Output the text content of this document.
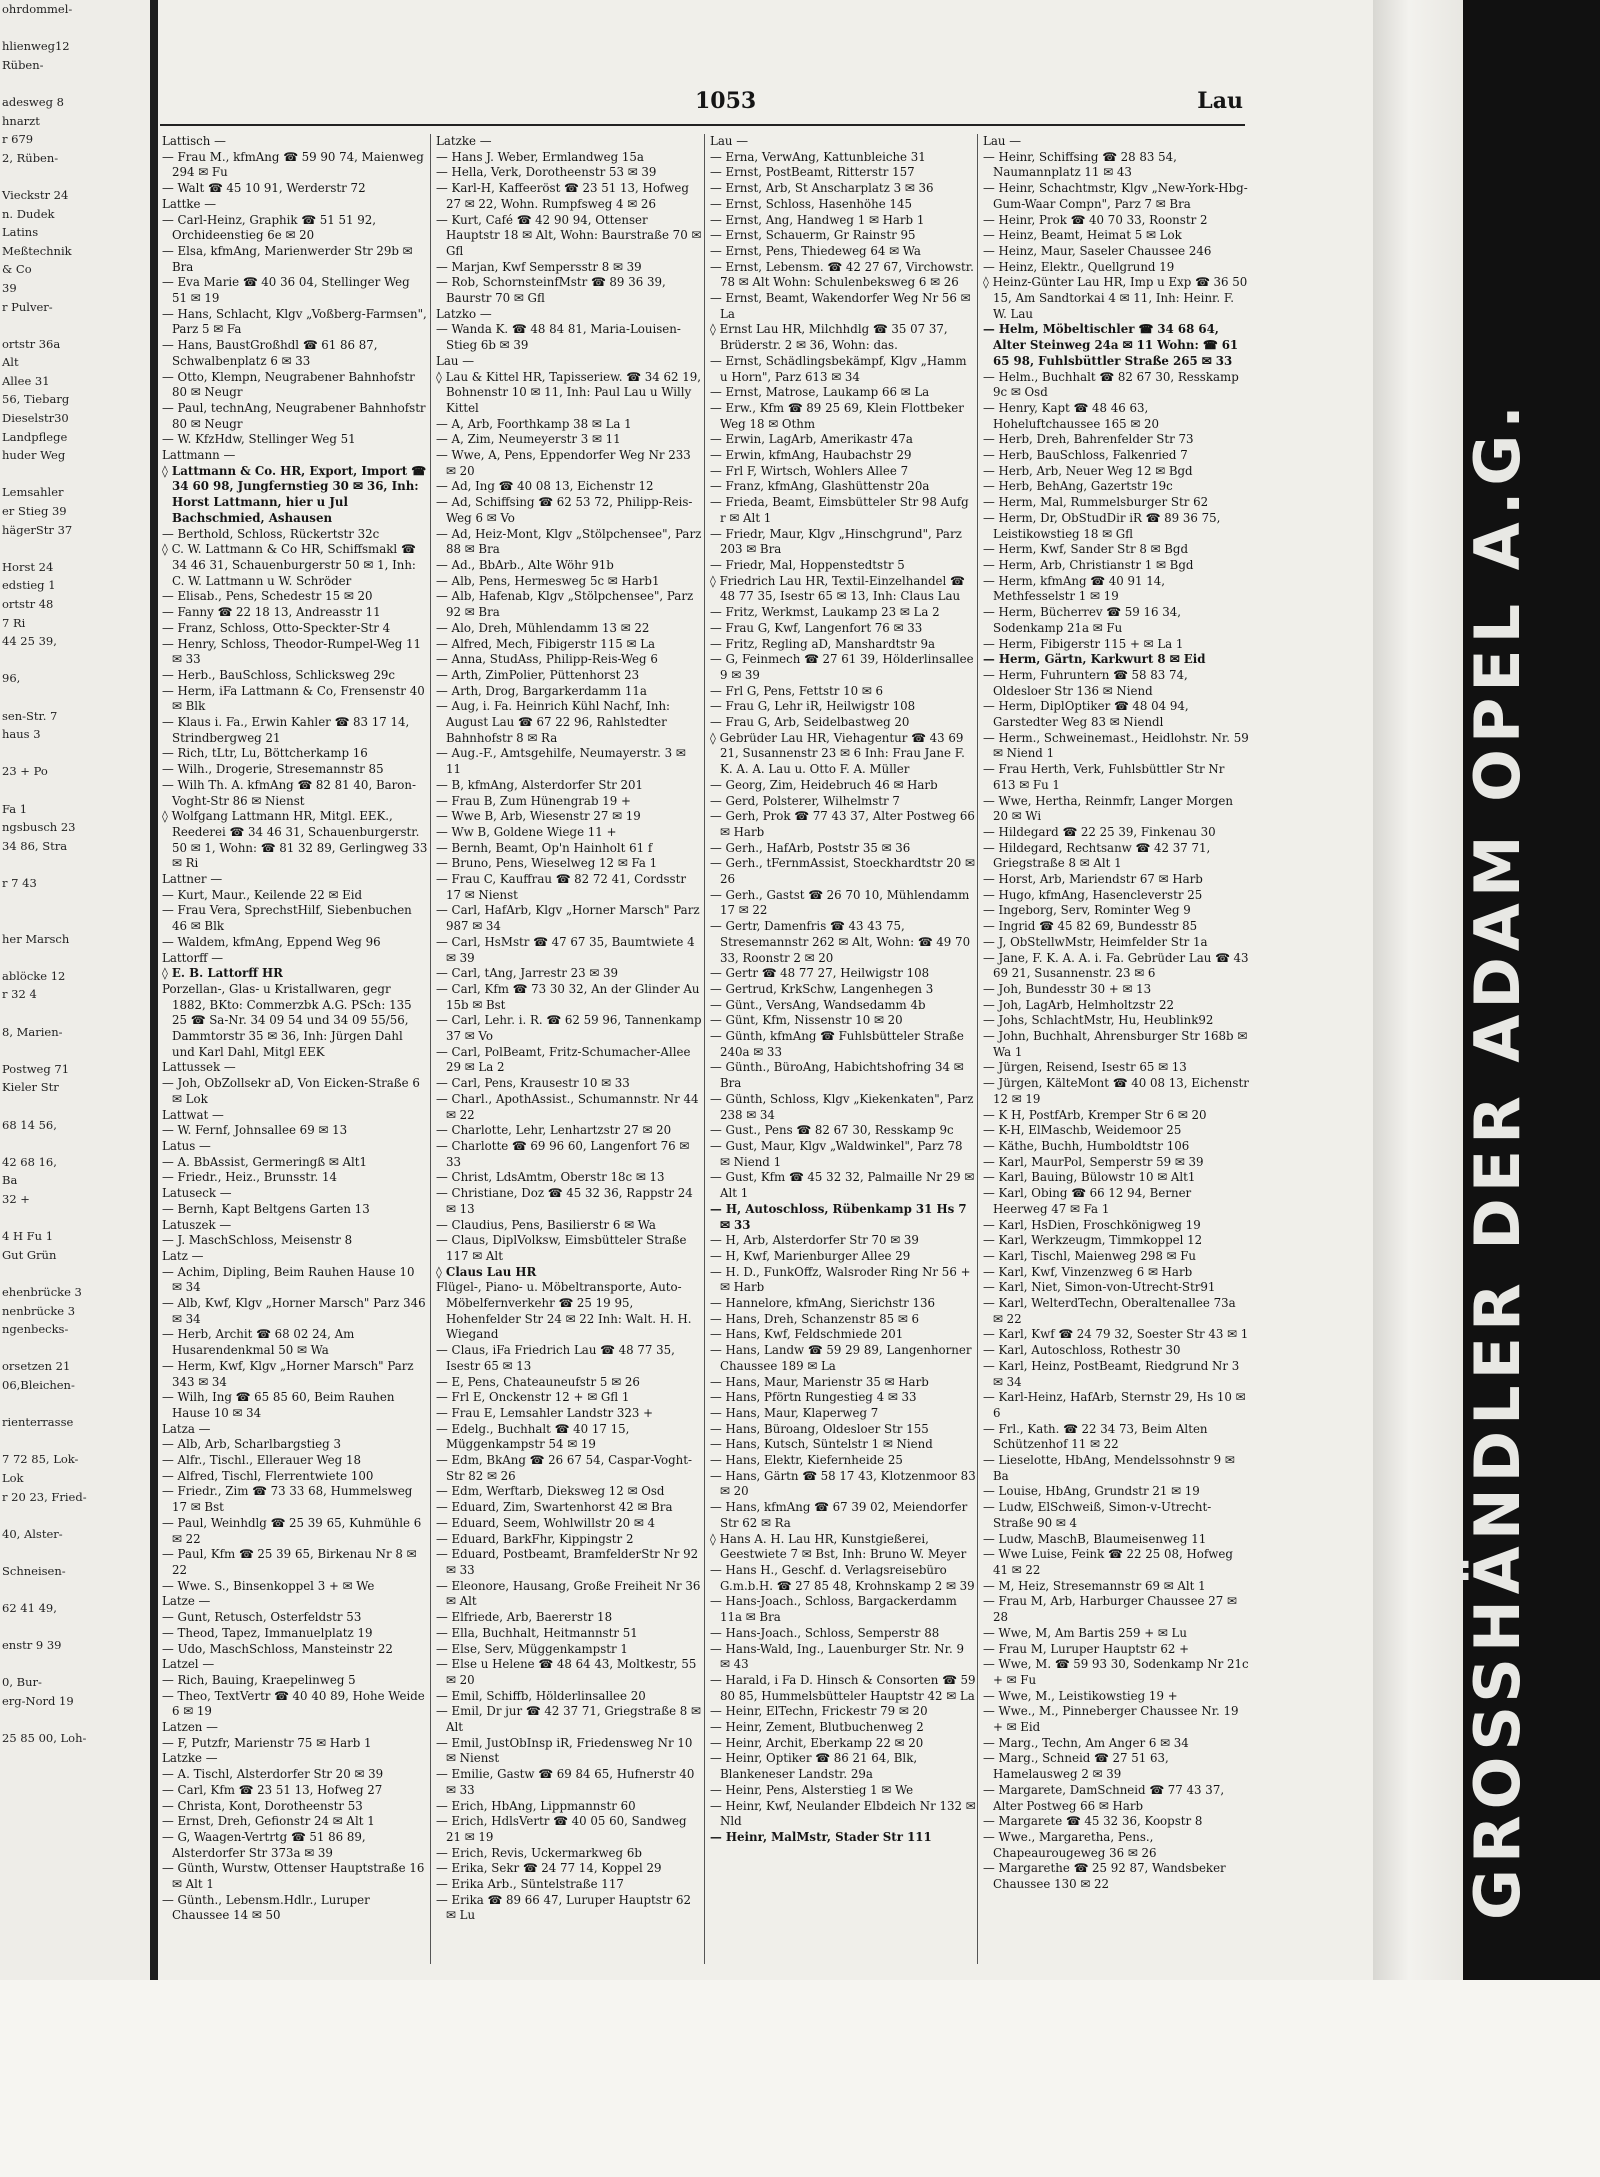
ohrdommel-

hlienweg12
Rüben-

adesweg 8
hnarzt
r 679
2, Rüben-

Vieckstr 24
n. Dudek
Latins
Meßtechnik
& Co
39
r Pulver-

ortstr 36a
Alt
Allee 31
56, Tiebarg
Dieselstr30
Landpflege
huder Weg

Lemsahler
er Stieg 39
hägerStr 37

Horst 24
edstieg 1
ortstr 48
7 Ri
44 25 39,

96,

sen-Str. 7
haus 3

23 + Po

Fa 1
ngsbusch 23
34 86, Stra

r 7 43

her Marsch

ablöcke 12
r 32 4

8, Marien-

Postweg 71
Kieler Str

68 14 56,

42 68 16,
Ba
32 +

4 H Fu 1
Gut Grün

ehenbrücke 3
nenbrücke 3
ngenbecks-

orsetzen 21
06,Bleichen-

rienterrasse

7 72 85, Lok-
Lok
r 20 23, Fried-

40, Alster-

Schneisen-

62 41 49,

enstr 9 39

0, Bur-
erg-Nord 19

25 85 00, Loh-
1053	Lau

Lattisch —

— Frau M., kfmAng ☎ 59 90 74, Maienweg 294 ✉ Fu

— Walt ☎ 45 10 91, Werderstr 72

Lattke —

— Carl-Heinz, Graphik ☎ 51 51 92, Orchideenstieg 6e ✉ 20

— Elsa, kfmAng, Marienwerder Str 29b ✉ Bra

— Eva Marie ☎ 40 36 04, Stellinger Weg 51 ✉ 19

— Hans, Schlacht, Klgv „Voßberg-Farmsen", Parz 5 ✉ Fa

— Hans, BaustGroßhdl ☎ 61 86 87, Schwalbenplatz 6 ✉ 33

— Otto, Klempn, Neugrabener Bahnhofstr 80 ✉ Neugr

— Paul, technAng, Neugrabener Bahnhofstr 80 ✉ Neugr

— W. KfzHdw, Stellinger Weg 51

Lattmann —

◊ Lattmann & Co. HR, Export, Import ☎ 34 60 98, Jungfernstieg 30 ✉ 36, Inh: Horst Lattmann, hier u Jul Bachschmied, Ashausen

— Berthold, Schloss, Rückertstr 32c

◊ C. W. Lattmann & Co HR, Schiffsmakl ☎ 34 46 31, Schauenburgerstr 50 ✉ 1, Inh: C. W. Lattmann u W. Schröder

— Elisab., Pens, Schedestr 15 ✉ 20

— Fanny ☎ 22 18 13, Andreasstr 11

— Franz, Schloss, Otto-Speckter-Str 4

— Henry, Schloss, Theodor-Rumpel-Weg 11 ✉ 33

— Herb., BauSchloss, Schlicksweg 29c

— Herm, iFa Lattmann & Co, Frensenstr 40 ✉ Blk

— Klaus i. Fa., Erwin Kahler ☎ 83 17 14, Strindbergweg 21

— Rich, tLtr, Lu, Böttcherkamp 16

— Wilh., Drogerie, Stresemannstr 85

— Wilh Th. A. kfmAng ☎ 82 81 40, Baron-Voght-Str 86 ✉ Nienst

◊ Wolfgang Lattmann HR, Mitgl. EEK., Reederei ☎ 34 46 31, Schauenburgerstr. 50 ✉ 1, Wohn: ☎ 81 32 89, Gerlingweg 33 ✉ Ri

Lattner —

— Kurt, Maur., Keilende 22 ✉ Eid

— Frau Vera, SprechstHilf, Siebenbuchen 46 ✉ Blk

— Waldem, kfmAng, Eppend Weg 96

Lattorff —

◊ E. B. Lattorff HR

Porzellan-, Glas- u Kristallwaren, gegr 1882, BKto: Commerzbk A.G. PSch: 135 25 ☎ Sa-Nr. 34 09 54 und 34 09 55/56, Dammtorstr 35 ✉ 36, Inh: Jürgen Dahl und Karl Dahl, Mitgl EEK

Lattussek —

— Joh, ObZollsekr aD, Von Eicken-Straße 6 ✉ Lok

Lattwat —

— W. Fernf, Johnsallee 69 ✉ 13

Latus —

— A. BbAssist, Germeringß ✉ Alt1

— Friedr., Heiz., Brunsstr. 14

Latuseck —

— Bernh, Kapt Beltgens Garten 13

Latuszek —

— J. MaschSchloss, Meisenstr 8

Latz —

— Achim, Dipling, Beim Rauhen Hause 10 ✉ 34

— Alb, Kwf, Klgv „Horner Marsch" Parz 346 ✉ 34

— Herb, Archit ☎ 68 02 24, Am Husarendenkmal 50 ✉ Wa

— Herm, Kwf, Klgv „Horner Marsch" Parz 343 ✉ 34

— Wilh, Ing ☎ 65 85 60, Beim Rauhen Hause 10 ✉ 34

Latza —

— Alb, Arb, Scharlbargstieg 3

— Alfr., Tischl., Ellerauer Weg 18

— Alfred, Tischl, Flerrentwiete 100

— Friedr., Zim ☎ 73 33 68, Hummelsweg 17 ✉ Bst

— Paul, Weinhdlg ☎ 25 39 65, Kuhmühle 6 ✉ 22

— Paul, Kfm ☎ 25 39 65, Birkenau Nr 8 ✉ 22

— Wwe. S., Binsenkoppel 3 + ✉ We

Latze —

— Gunt, Retusch, Osterfeldstr 53

— Theod, Tapez, Immanuelplatz 19

— Udo, MaschSchloss, Mansteinstr 22

Latzel —

— Rich, Bauing, Kraepelinweg 5

— Theo, TextVertr ☎ 40 40 89, Hohe Weide 6 ✉ 19

Latzen —

— F, Putzfr, Marienstr 75 ✉ Harb 1

Latzke —

— A. Tischl, Alsterdorfer Str 20 ✉ 39

— Carl, Kfm ☎ 23 51 13, Hofweg 27

— Christa, Kont, Dorotheenstr 53

— Ernst, Dreh, Gefionstr 24 ✉ Alt 1

— G, Waagen-Vertrtg ☎ 51 86 89, Alsterdorfer Str 373a ✉ 39

— Günth, Wurstw, Ottenser Hauptstraße 16 ✉ Alt 1

— Günth., Lebensm.Hdlr., Luruper Chaussee 14 ✉ 50

Latzke —

— Hans J. Weber, Ermlandweg 15a

— Hella, Verk, Dorotheenstr 53 ✉ 39

— Karl-H, Kaffeeröst ☎ 23 51 13, Hofweg 27 ✉ 22, Wohn. Rumpfsweg 4 ✉ 26

— Kurt, Café ☎ 42 90 94, Ottenser Hauptstr 18 ✉ Alt, Wohn: Baurstraße 70 ✉ Gfl

— Marjan, Kwf Sempersstr 8 ✉ 39

— Rob, SchornsteinfMstr ☎ 89 36 39, Baurstr 70 ✉ Gfl

Latzko —

— Wanda K. ☎ 48 84 81, Maria-Louisen-Stieg 6b ✉ 39

Lau —

◊ Lau & Kittel HR, Tapisseriew. ☎ 34 62 19, Bohnenstr 10 ✉ 11, Inh: Paul Lau u Willy Kittel

— A, Arb, Foorthkamp 38 ✉ La 1

— A, Zim, Neumeyerstr 3 ✉ 11

— Wwe, A, Pens, Eppendorfer Weg Nr 233 ✉ 20

— Ad, Ing ☎ 40 08 13, Eichenstr 12

— Ad, Schiffsing ☎ 62 53 72, Philipp-Reis-Weg 6 ✉ Vo

— Ad, Heiz-Mont, Klgv „Stölpchensee", Parz 88 ✉ Bra

— Ad., BbArb., Alte Wöhr 91b

— Alb, Pens, Hermesweg 5c ✉ Harb1

— Alb, Hafenab, Klgv „Stölpchensee", Parz 92 ✉ Bra

— Alo, Dreh, Mühlendamm 13 ✉ 22

— Alfred, Mech, Fibigerstr 115 ✉ La

— Anna, StudAss, Philipp-Reis-Weg 6

— Arth, ZimPolier, Püttenhorst 23

— Arth, Drog, Bargarkerdamm 11a

— Aug, i. Fa. Heinrich Kühl Nachf, Inh: August Lau ☎ 67 22 96, Rahlstedter Bahnhofstr 8 ✉ Ra

— Aug.-F., Amtsgehilfe, Neumayerstr. 3 ✉ 11

— B, kfmAng, Alsterdorfer Str 201

— Frau B, Zum Hünengrab 19 +

— Wwe B, Arb, Wiesenstr 27 ✉ 19

— Ww B, Goldene Wiege 11 +

— Bernh, Beamt, Op'n Hainholt 61 f

— Bruno, Pens, Wieselweg 12 ✉ Fa 1

— Frau C, Kauffrau ☎ 82 72 41, Cordsstr 17 ✉ Nienst

— Carl, HafArb, Klgv „Horner Marsch" Parz 987 ✉ 34

— Carl, HsMstr ☎ 47 67 35, Baumtwiete 4 ✉ 39

— Carl, tAng, Jarrestr 23 ✉ 39

— Carl, Kfm ☎ 73 30 32, An der Glinder Au 15b ✉ Bst

— Carl, Lehr. i. R. ☎ 62 59 96, Tannenkamp 37 ✉ Vo

— Carl, PolBeamt, Fritz-Schumacher-Allee 29 ✉ La 2

— Carl, Pens, Krausestr 10 ✉ 33

— Charl., ApothAssist., Schumannstr. Nr 44 ✉ 22

— Charlotte, Lehr, Lenhartzstr 27 ✉ 20

— Charlotte ☎ 69 96 60, Langenfort 76 ✉ 33

— Christ, LdsAmtm, Oberstr 18c ✉ 13

— Christiane, Doz ☎ 45 32 36, Rappstr 24 ✉ 13

— Claudius, Pens, Basilierstr 6 ✉ Wa

— Claus, DiplVolksw, Eimsbütteler Straße 117 ✉ Alt

◊ Claus Lau HR

Flügel-, Piano- u. Möbeltransporte, Auto-Möbelfernverkehr ☎ 25 19 95, Hohenfelder Str 24 ✉ 22 Inh: Walt. H. H. Wiegand

— Claus, iFa Friedrich Lau ☎ 48 77 35, Isestr 65 ✉ 13

— E, Pens, Chateauneufstr 5 ✉ 26

— Frl E, Onckenstr 12 + ✉ Gfl 1

— Frau E, Lemsahler Landstr 323 +

— Edelg., Buchhalt ☎ 40 17 15, Müggenkampstr 54 ✉ 19

— Edm, BkAng ☎ 26 67 54, Caspar-Voght-Str 82 ✉ 26

— Edm, Werftarb, Dieksweg 12 ✉ Osd

— Eduard, Zim, Swartenhorst 42 ✉ Bra

— Eduard, Seem, Wohlwillstr 20 ✉ 4

— Eduard, BarkFhr, Kippingstr 2

— Eduard, Postbeamt, BramfelderStr Nr 92 ✉ 33

— Eleonore, Hausang, Große Freiheit Nr 36 ✉ Alt

— Elfriede, Arb, Baererstr 18

— Ella, Buchhalt, Heitmannstr 51

— Else, Serv, Müggenkampstr 1

— Else u Helene ☎ 48 64 43, Moltkestr, 55 ✉ 20

— Emil, Schiffb, Hölderlinsallee 20

— Emil, Dr jur ☎ 42 37 71, Griegstraße 8 ✉ Alt

— Emil, JustObInsp iR, Friedensweg Nr 10 ✉ Nienst

— Emilie, Gastw ☎ 69 84 65, Hufnerstr 40 ✉ 33

— Erich, HbAng, Lippmannstr 60

— Erich, HdlsVertr ☎ 40 05 60, Sandweg 21 ✉ 19

— Erich, Revis, Uckermarkweg 6b

— Erika, Sekr ☎ 24 77 14, Koppel 29

— Erika Arb., Süntelstraße 117

— Erika ☎ 89 66 47, Luruper Hauptstr 62 ✉ Lu

Lau —

— Erna, VerwAng, Kattunbleiche 31

— Ernst, PostBeamt, Ritterstr 157

— Ernst, Arb, St Anscharplatz 3 ✉ 36

— Ernst, Schloss, Hasenhöhe 145

— Ernst, Ang, Handweg 1 ✉ Harb 1

— Ernst, Schauerm, Gr Rainstr 95

— Ernst, Pens, Thiedeweg 64 ✉ Wa

— Ernst, Lebensm. ☎ 42 27 67, Virchowstr. 78 ✉ Alt Wohn: Schulenbeksweg 6 ✉ 26

— Ernst, Beamt, Wakendorfer Weg Nr 56 ✉ La

◊ Ernst Lau HR, Milchhdlg ☎ 35 07 37, Brüderstr. 2 ✉ 36, Wohn: das.

— Ernst, Schädlingsbekämpf, Klgv „Hamm u Horn", Parz 613 ✉ 34

— Ernst, Matrose, Laukamp 66 ✉ La

— Erw., Kfm ☎ 89 25 69, Klein Flottbeker Weg 18 ✉ Othm

— Erwin, LagArb, Amerikastr 47a

— Erwin, kfmAng, Haubachstr 29

— Frl F, Wirtsch, Wohlers Allee 7

— Franz, kfmAng, Glashüttenstr 20a

— Frieda, Beamt, Eimsbütteler Str 98 Aufg r ✉ Alt 1

— Friedr, Maur, Klgv „Hinschgrund", Parz 203 ✉ Bra

— Friedr, Mal, Hoppenstedtstr 5

◊ Friedrich Lau HR, Textil-Einzelhandel ☎ 48 77 35, Isestr 65 ✉ 13, Inh: Claus Lau

— Fritz, Werkmst, Laukamp 23 ✉ La 2

— Frau G, Kwf, Langenfort 76 ✉ 33

— Fritz, Regling aD, Manshardtstr 9a

— G, Feinmech ☎ 27 61 39, Hölderlinsallee 9 ✉ 39

— Frl G, Pens, Fettstr 10 ✉ 6

— Frau G, Lehr iR, Heilwigstr 108

— Frau G, Arb, Seidelbastweg 20

◊ Gebrüder Lau HR, Viehagentur ☎ 43 69 21, Susannenstr 23 ✉ 6 Inh: Frau Jane F. K. A. A. Lau u. Otto F. A. Müller

— Georg, Zim, Heidebruch 46 ✉ Harb

— Gerd, Polsterer, Wilhelmstr 7

— Gerh, Prok ☎ 77 43 37, Alter Postweg 66 ✉ Harb

— Gerh., HafArb, Poststr 35 ✉ 36

— Gerh., tFernmAssist, Stoeckhardtstr 20 ✉ 26

— Gerh., Gastst ☎ 26 70 10, Mühlendamm 17 ✉ 22

— Gertr, Damenfris ☎ 43 43 75, Stresemannstr 262 ✉ Alt, Wohn: ☎ 49 70 33, Roonstr 2 ✉ 20

— Gertr ☎ 48 77 27, Heilwigstr 108

— Gertrud, KrkSchw, Langenhegen 3

— Günt., VersAng, Wandsedamm 4b

— Günt, Kfm, Nissenstr 10 ✉ 20

— Günth, kfmAng ☎ Fuhlsbütteler Straße 240a ✉ 33

— Günth., BüroAng, Habichtshofring 34 ✉ Bra

— Günth, Schloss, Klgv „Kiekenkaten", Parz 238 ✉ 34

— Gust., Pens ☎ 82 67 30, Resskamp 9c

— Gust, Maur, Klgv „Waldwinkel", Parz 78 ✉ Niend 1

— Gust, Kfm ☎ 45 32 32, Palmaille Nr 29 ✉ Alt 1

— H, Autoschloss, Rübenkamp 31 Hs 7 ✉ 33

— H, Arb, Alsterdorfer Str 70 ✉ 39

— H, Kwf, Marienburger Allee 29

— H. D., FunkOffz, Walsroder Ring Nr 56 + ✉ Harb

— Hannelore, kfmAng, Sierichstr 136

— Hans, Dreh, Schanzenstr 85 ✉ 6

— Hans, Kwf, Feldschmiede 201

— Hans, Landw ☎ 59 29 89, Langenhorner Chaussee 189 ✉ La

— Hans, Maur, Marienstr 35 ✉ Harb

— Hans, Pförtn Rungestieg 4 ✉ 33

— Hans, Maur, Klaperweg 7

— Hans, Büroang, Oldesloer Str 155

— Hans, Kutsch, Süntelstr 1 ✉ Niend

— Hans, Elektr, Kiefernheide 25

— Hans, Gärtn ☎ 58 17 43, Klotzenmoor 83 ✉ 20

— Hans, kfmAng ☎ 67 39 02, Meiendorfer Str 62 ✉ Ra

◊ Hans A. H. Lau HR, Kunstgießerei, Geestwiete 7 ✉ Bst, Inh: Bruno W. Meyer

— Hans H., Geschf. d. Verlagsreisebüro G.m.b.H. ☎ 27 85 48, Krohnskamp 2 ✉ 39

— Hans-Joach., Schloss, Bargackerdamm 11a ✉ Bra

— Hans-Joach., Schloss, Semperstr 88

— Hans-Wald, Ing., Lauenburger Str. Nr. 9 ✉ 43

— Harald, i Fa D. Hinsch & Consorten ☎ 59 80 85, Hummelsbütteler Hauptstr 42 ✉ La

— Heinr, ElTechn, Frickestr 79 ✉ 20

— Heinr, Zement, Blutbuchenweg 2

— Heinr, Archit, Eberkamp 22 ✉ 20

— Heinr, Optiker ☎ 86 21 64, Blk, Blankeneser Landstr. 29a

— Heinr, Pens, Alsterstieg 1 ✉ We

— Heinr, Kwf, Neulander Elbdeich Nr 132 ✉ Nld

— Heinr, MalMstr, Stader Str 111

Lau —

— Heinr, Schiffsing ☎ 28 83 54, Naumannplatz 11 ✉ 43

— Heinr, Schachtmstr, Klgv „New-York-Hbg-Gum-Waar Compn", Parz 7 ✉ Bra

— Heinr, Prok ☎ 40 70 33, Roonstr 2

— Heinz, Beamt, Heimat 5 ✉ Lok

— Heinz, Maur, Saseler Chaussee 246

— Heinz, Elektr., Quellgrund 19

◊ Heinz-Günter Lau HR, Imp u Exp ☎ 36 50 15, Am Sandtorkai 4 ✉ 11, Inh: Heinr. F. W. Lau

— Helm, Möbeltischler ☎ 34 68 64, Alter Steinweg 24a ✉ 11 Wohn: ☎ 61 65 98, Fuhlsbüttler Straße 265 ✉ 33

— Helm., Buchhalt ☎ 82 67 30, Resskamp 9c ✉ Osd

— Henry, Kapt ☎ 48 46 63, Hoheluftchaussee 165 ✉ 20

— Herb, Dreh, Bahrenfelder Str 73

— Herb, BauSchloss, Falkenried 7

— Herb, Arb, Neuer Weg 12 ✉ Bgd

— Herb, BehAng, Gazertstr 19c

— Herm, Mal, Rummelsburger Str 62

— Herm, Dr, ObStudDir iR ☎ 89 36 75, Leistikowstieg 18 ✉ Gfl

— Herm, Kwf, Sander Str 8 ✉ Bgd

— Herm, Arb, Christianstr 1 ✉ Bgd

— Herm, kfmAng ☎ 40 91 14, Methfesselstr 1 ✉ 19

— Herm, Bücherrev ☎ 59 16 34, Sodenkamp 21a ✉ Fu

— Herm, Fibigerstr 115 + ✉ La 1

— Herm, Gärtn, Karkwurt 8 ✉ Eid

— Herm, Fuhruntern ☎ 58 83 74, Oldesloer Str 136 ✉ Niend

— Herm, DiplOptiker ☎ 48 04 94, Garstedter Weg 83 ✉ Niendl

— Herm., Schweinemast., Heidlohstr. Nr. 59 ✉ Niend 1

— Frau Herth, Verk, Fuhlsbüttler Str Nr 613 ✉ Fu 1

— Wwe, Hertha, Reinmfr, Langer Morgen 20 ✉ Wi

— Hildegard ☎ 22 25 39, Finkenau 30

— Hildegard, Rechtsanw ☎ 42 37 71, Griegstraße 8 ✉ Alt 1

— Horst, Arb, Mariendstr 67 ✉ Harb

— Hugo, kfmAng, Hasencleverstr 25

— Ingeborg, Serv, Rominter Weg 9

— Ingrid ☎ 45 82 69, Bundesstr 85

— J, ObStellwMstr, Heimfelder Str 1a

— Jane, F. K. A. A. i. Fa. Gebrüder Lau ☎ 43 69 21, Susannenstr. 23 ✉ 6

— Joh, Bundesstr 30 + ✉ 13

— Joh, LagArb, Helmholtzstr 22

— Johs, SchlachtMstr, Hu, Heublink92

— John, Buchhalt, Ahrensburger Str 168b ✉ Wa 1

— Jürgen, Reisend, Isestr 65 ✉ 13

— Jürgen, KälteMont ☎ 40 08 13, Eichenstr 12 ✉ 19

— K H, PostfArb, Kremper Str 6 ✉ 20

— K-H, ElMaschb, Weidemoor 25

— Käthe, Buchh, Humboldtstr 106

— Karl, MaurPol, Semperstr 59 ✉ 39

— Karl, Bauing, Bülowstr 10 ✉ Alt1

— Karl, Obing ☎ 66 12 94, Berner Heerweg 47 ✉ Fa 1

— Karl, HsDien, Froschkönigweg 19

— Karl, Werkzeugm, Timmkoppel 12

— Karl, Tischl, Maienweg 298 ✉ Fu

— Karl, Kwf, Vinzenzweg 6 ✉ Harb

— Karl, Niet, Simon-von-Utrecht-Str91

— Karl, WelterdTechn, Oberaltenallee 73a ✉ 22

— Karl, Kwf ☎ 24 79 32, Soester Str 43 ✉ 1

— Karl, Autoschloss, Rothestr 30

— Karl, Heinz, PostBeamt, Riedgrund Nr 3 ✉ 34

— Karl-Heinz, HafArb, Sternstr 29, Hs 10 ✉ 6

— Frl., Kath. ☎ 22 34 73, Beim Alten Schützenhof 11 ✉ 22

— Lieselotte, HbAng, Mendelssohnstr 9 ✉ Ba

— Louise, HbAng, Grundstr 21 ✉ 19

— Ludw, ElSchweiß, Simon-v-Utrecht-Straße 90 ✉ 4

— Ludw, MaschB, Blaumeisenweg 11

— Wwe Luise, Feink ☎ 22 25 08, Hofweg 41 ✉ 22

— M, Heiz, Stresemannstr 69 ✉ Alt 1

— Frau M, Arb, Harburger Chaussee 27 ✉ 28

— Wwe, M, Am Bartis 259 + ✉ Lu

— Frau M, Luruper Hauptstr 62 +

— Wwe, M. ☎ 59 93 30, Sodenkamp Nr 21c + ✉ Fu

— Wwe, M., Leistikowstieg 19 +

— Wwe., M., Pinneberger Chaussee Nr. 19 + ✉ Eid

— Marg., Techn, Am Anger 6 ✉ 34

— Marg., Schneid ☎ 27 51 63, Hamelausweg 2 ✉ 39

— Margarete, DamSchneid ☎ 77 43 37, Alter Postweg 66 ✉ Harb

— Margarete ☎ 45 32 36, Koopstr 8

— Wwe., Margaretha, Pens., Chapeaurougeweg 36 ✉ 26

— Margarethe ☎ 25 92 87, Wandsbeker Chaussee 130 ✉ 22	GROSSHÄNDLER DER ADAM OPEL A.G.
